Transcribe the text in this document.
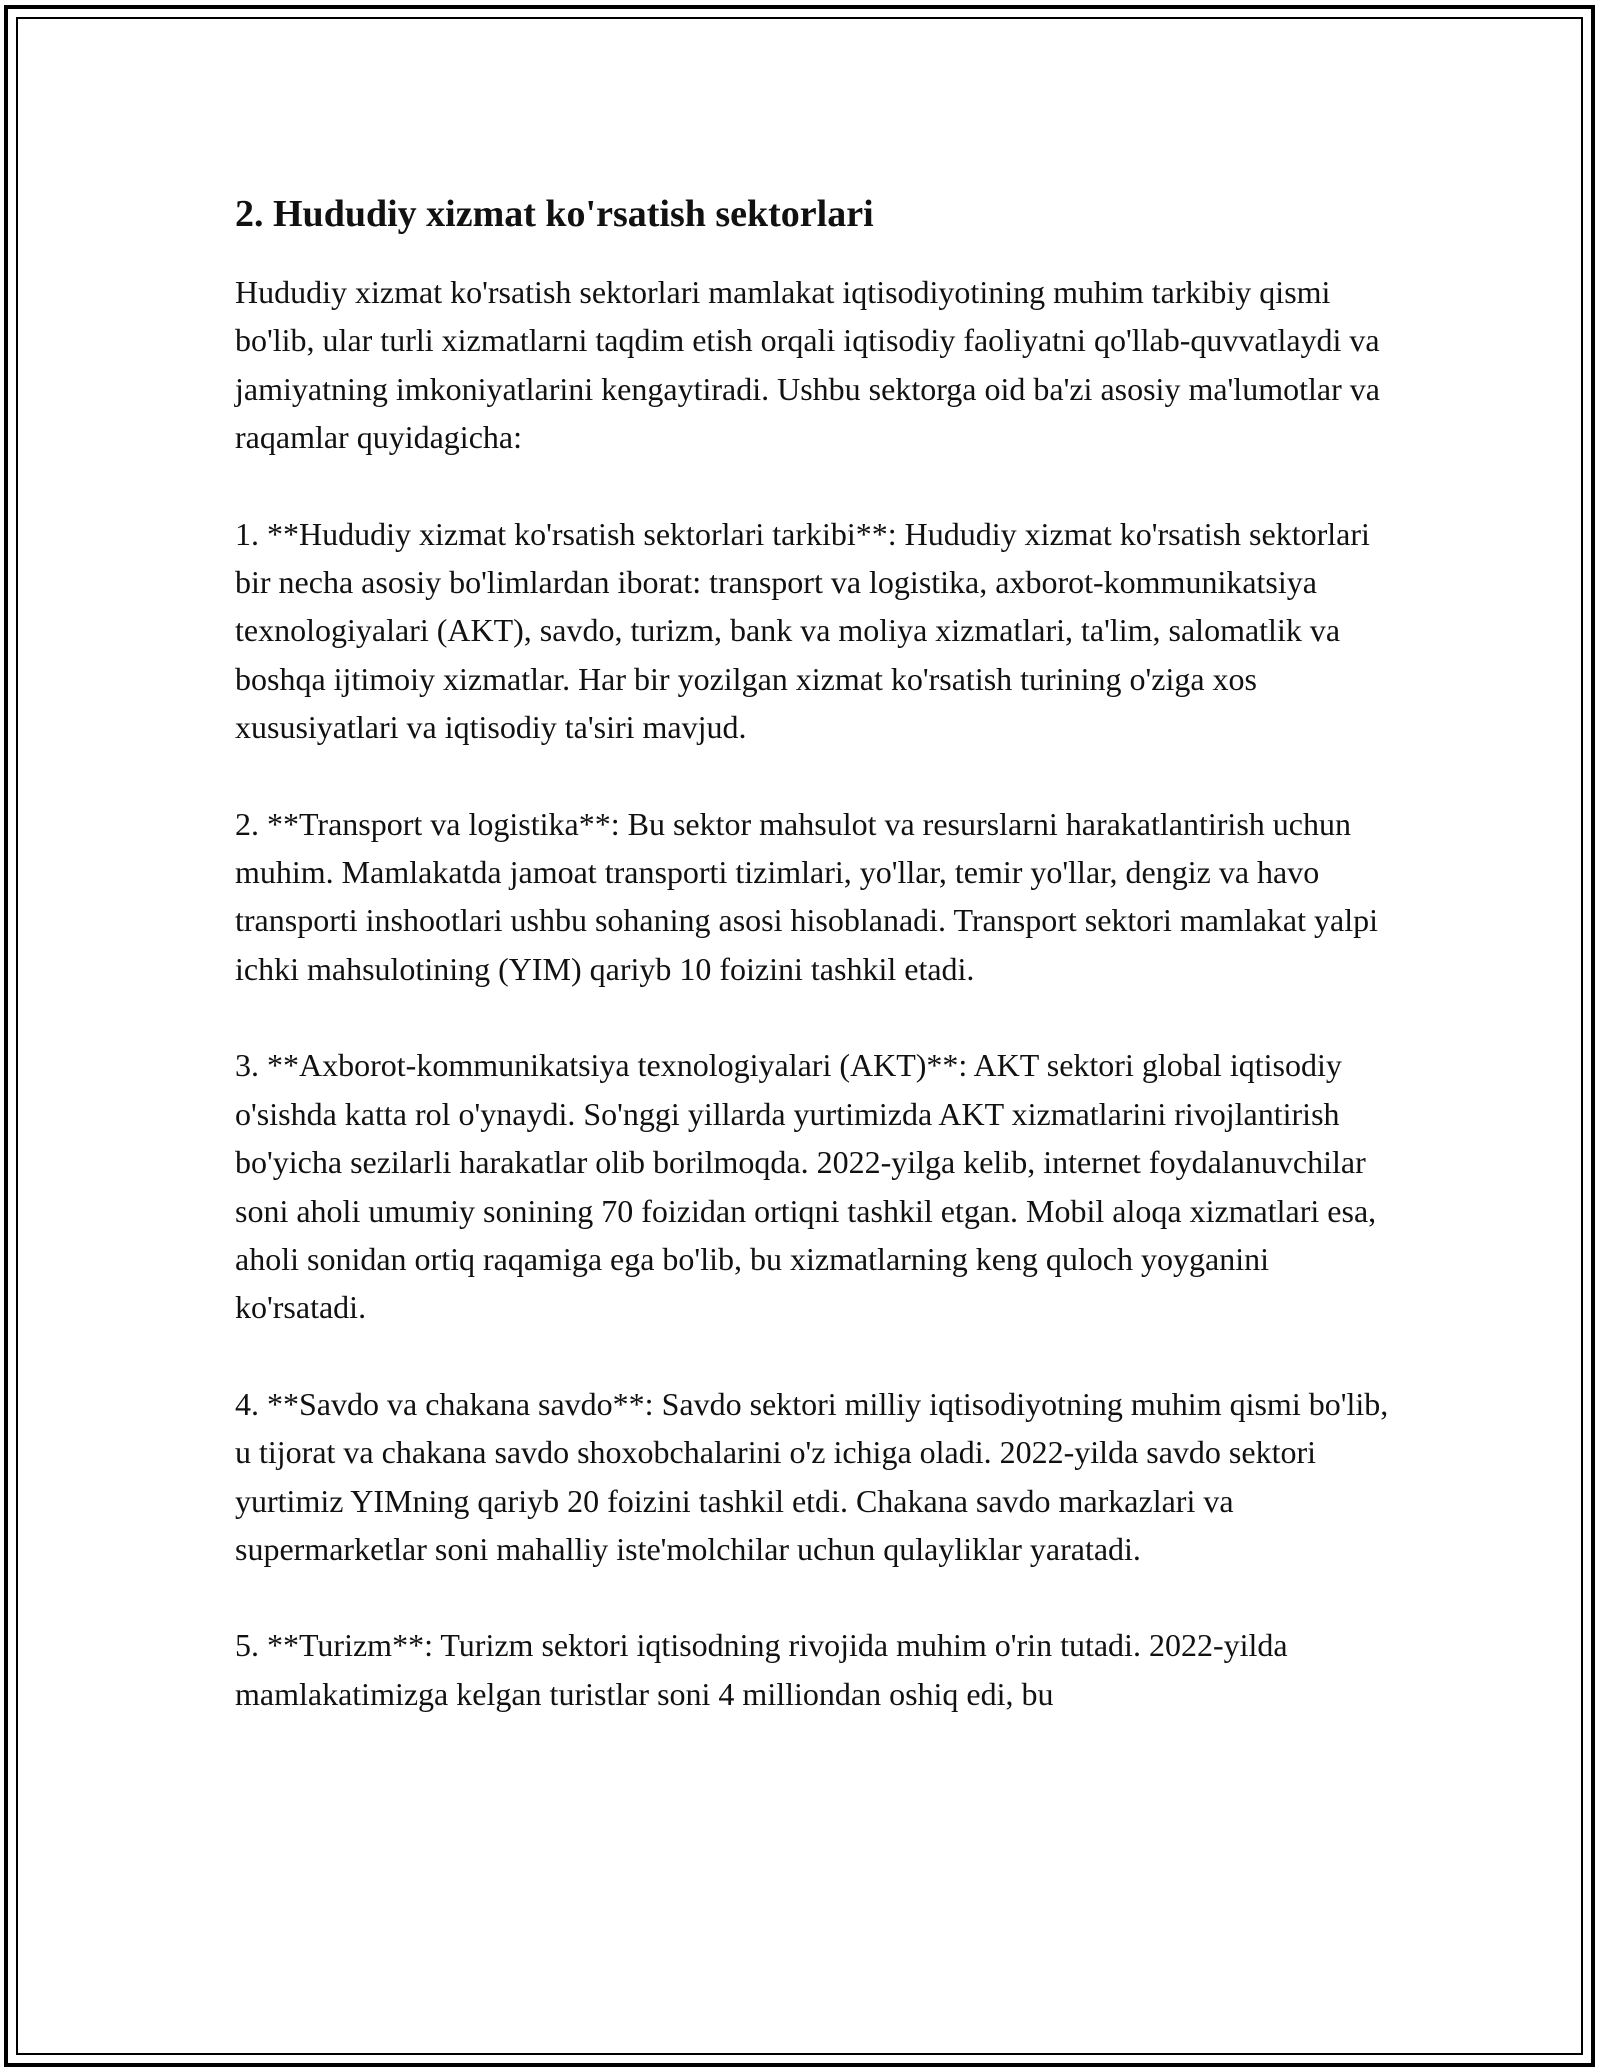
2. Hududiy xizmat ko'rsatish sektorlari

Hududiy xizmat ko'rsatish sektorlari mamlakat iqtisodiyotining muhim tarkibiy qismi bo'lib, ular turli xizmatlarni taqdim etish orqali iqtisodiy faoliyatni qo'llab-quvvatlaydi va jamiyatning imkoniyatlarini kengaytiradi. Ushbu sektorga oid ba'zi asosiy ma'lumotlar va raqamlar quyidagicha:

1. **Hududiy xizmat ko'rsatish sektorlari tarkibi**: Hududiy xizmat ko'rsatish sektorlari bir necha asosiy bo'limlardan iborat: transport va logistika, axborot-kommunikatsiya texnologiyalari (AKT), savdo, turizm, bank va moliya xizmatlari, ta'lim, salomatlik va boshqa ijtimoiy xizmatlar. Har bir yozilgan xizmat ko'rsatish turining o'ziga xos xususiyatlari va iqtisodiy ta'siri mavjud.

2. **Transport va logistika**: Bu sektor mahsulot va resurslarni harakatlantirish uchun muhim. Mamlakatda jamoat transporti tizimlari, yo'llar, temir yo'llar, dengiz va havo transporti inshootlari ushbu sohaning asosi hisoblanadi. Transport sektori mamlakat yalpi ichki mahsulotining (YIM) qariyb 10 foizini tashkil etadi.

3. **Axborot-kommunikatsiya texnologiyalari (AKT)**: AKT sektori global iqtisodiy o'sishda katta rol o'ynaydi. So'nggi yillarda yurtimizda AKT xizmatlarini rivojlantirish bo'yicha sezilarli harakatlar olib borilmoqda. 2022-yilga kelib, internet foydalanuvchilar soni aholi umumiy sonining 70 foizidan ortiqni tashkil etgan. Mobil aloqa xizmatlari esa, aholi sonidan ortiq raqamiga ega bo'lib, bu xizmatlarning keng quloch yoyganini ko'rsatadi.

4. **Savdo va chakana savdo**: Savdo sektori milliy iqtisodiyotning muhim qismi bo'lib, u tijorat va chakana savdo shoxobchalarini o'z ichiga oladi. 2022-yilda savdo sektori yurtimiz YIMning qariyb 20 foizini tashkil etdi. Chakana savdo markazlari va supermarketlar soni mahalliy iste'molchilar uchun qulayliklar yaratadi.

5. **Turizm**: Turizm sektori iqtisodning rivojida muhim o'rin tutadi. 2022-yilda mamlakatimizga kelgan turistlar soni 4 milliondan oshiq edi, bu
